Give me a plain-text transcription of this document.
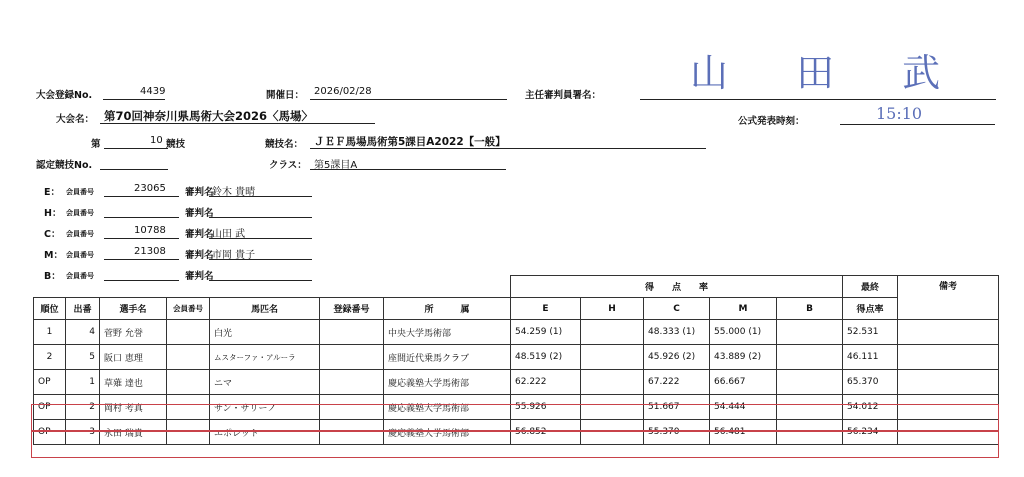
大会登録No.	4439	開催日： 2026/02/28	主任審判員署名：
山 田 武
大会名： 第70回神奈川県馬術大会2026〈馬場〉	公式発表時刻：	15:10
第	10 競技	競技名： ＪＥＦ馬場馬術第5課目A2022【一般】
認定競技No.	クラス： 第5課目A
E： 会員番号	23065 審判名
鈴木 貴晴
H： 会員番号	審判名
C： 会員番号	10788 審判名
山田 武
M： 会員番号	21308 審判名
市岡 貴子
B： 会員番号	審判名
							得　　点　　率					最終	備考
順位	出番	選手名	会員番号	馬匹名	登録番号	所　　　属	E	H	C	M	B	得点率	
1	4	菅野 允誉		白光		中央大学馬術部	54.259 (1)		48.333 (1)	55.000 (1)		52.531	
2	5	阪口 恵理		ムスターファ・アルーラ		座間近代乗馬クラブ	48.519 (2)		45.926 (2)	43.889 (2)		46.111	
OP	1	草薙 達也		ニマ		慶応義塾大学馬術部	62.222		67.222	66.667		65.370	
OP	2	岡村 考真		サン・サリーノ		慶応義塾大学馬術部	55.926		51.667	54.444		54.012	
OP	3	永田 瑞貴		エポレット		慶応義塾大学馬術部	56.852		55.370	56.481		56.234	
